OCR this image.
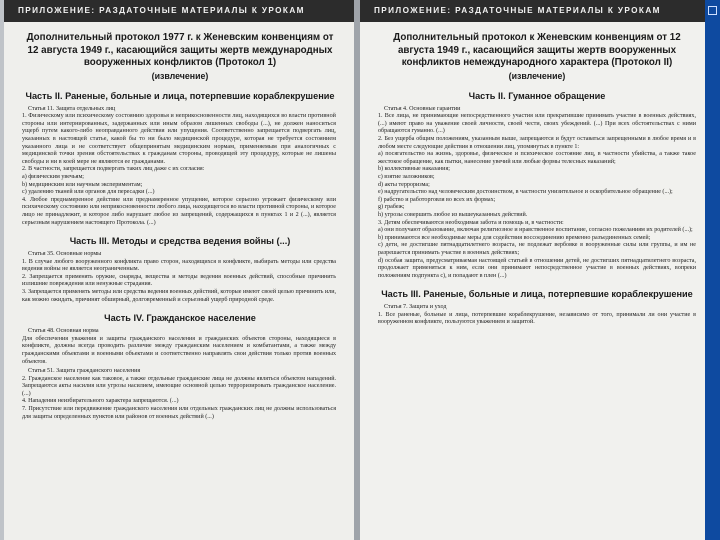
ПРИЛОЖЕНИЕ: РАЗДАТОЧНЫЕ МАТЕРИАЛЫ К УРОКАМ

Дополнительный протокол 1977 г. к Женевским конвенциям от 12 августа 1949 г., касающийся защиты жертв международных вооруженных конфликтов (Протокол 1)

(извлечение)

Часть II. Раненые, больные и лица, потерпевшие кораблекрушение

Статья 11. Защита отдельных лиц

1. Физическому или психическому состоянию здоровья и неприкосновенности лиц, находящихся во власти противной стороны или интернированных, задержанных или иным образом лишенных свободы (...), не должен наноситься ущерб путем какого-либо неоправданного действия или упущения. Соответственно запрещается подвергать лиц, указанных в настоящей статье, какой бы то ни было медицинской процедуре, которая не требуется состоянием указанного лица и не соответствует общепринятым медицинским нормам, применяемым при аналогичных с медицинской точки зрения обстоятельствах к гражданам стороны, проводящей эту процедуру, которые не лишены свободы и ни в коей мере не являются ее гражданами.

2. В частности, запрещается подвергать таких лиц даже с их согласия:

а) физическим увечьям;

b) медицинским или научным экспериментам;

c) удалению тканей или органов для пересадки (...)

4. Любое преднамеренное действие или преднамеренное упущение, которое серьезно угрожает физическому или психическому состоянию или неприкосновенности любого лица, находящегося во власти противной стороны, и которое лицо не принадлежит, и которое либо нарушает любое из запрещений, содержащихся в пунктах 1 и 2 (...), является серьезным нарушением настоящего Протокола. (...)

Часть III. Методы и средства ведения войны (...)

Статья 35. Основные нормы

1. В случае любого вооруженного конфликта право сторон, находящихся в конфликте, выбирать методы или средства ведения войны не является неограниченным.

2. Запрещается применять оружие, снаряды, вещества и методы ведения военных действий, способные причинить излишние повреждения или ненужные страдания.

3. Запрещается применять методы или средства ведения военных действий, которые имеют своей целью причинить или, как можно ожидать, причинят обширный, долговременный и серьезный ущерб природной среде.

Часть IV. Гражданское население

Статья 48. Основная норма

Для обеспечения уважения и защиты гражданского населения и гражданских объектов стороны, находящиеся в конфликте, должны всегда проводить различие между гражданским населением и комбатантами, а также между гражданскими объектами и военными объектами и соответственно направлять свои действия только против военных объектов.

Статья 51. Защита гражданского населения

2. Гражданское население как таковое, а также отдельные гражданские лица не должны являться объектом нападений. Запрещаются акты насилия или угрозы насилием, имеющие основной целью терроризировать гражданское население. (...)

4. Нападения неизбирательного характера запрещаются. (...)

7. Присутствие или передвижение гражданского населения или отдельных гражданских лиц не должны использоваться для защиты определенных пунктов или районов от военных действий (...)

ПРИЛОЖЕНИЕ: РАЗДАТОЧНЫЕ МАТЕРИАЛЫ К УРОКАМ

Дополнительный протокол к Женевским конвенциям от 12 августа 1949 г., касающийся защиты жертв вооруженных конфликтов немеждународного характера (Протокол II)

(извлечение)

Часть II. Гуманное обращение

Статья 4. Основные гарантии

1. Все лица, не принимающие непосредственного участия или прекратившие принимать участие в военных действиях, (...) имеют право на уважение своей личности, своей чести, своих убеждений. (...) При всех обстоятельствах с ними обращаются гуманно. (...)

2. Без ущерба общим положениям, указанным выше, запрещаются и будут оставаться запрещенными в любое время и в любом месте следующие действия в отношении лиц, упомянутых в пункте 1:

а) посягательство на жизнь, здоровье, физическое и психическое состояние лиц, в частности убийства, а также такое жестокое обращение, как пытки, нанесение увечий или любые формы телесных наказаний;

b) коллективные наказания;

c) взятие заложников;

d) акты терроризма;

e) надругательство над человеческим достоинством, в частности унизительное и оскорбительное обращение (...);

f) рабство и работорговля во всех их формах;

g) грабеж;

h) угрозы совершить любое из вышеуказанных действий.

3. Детям обеспечиваются необходимая забота и помощь и, в частности:

а) они получают образование, включая религиозное и нравственное воспитание, согласно пожеланиям их родителей (...);

b) принимаются все необходимые меры для содействия воссоединению временно разъединенных семей;

c) дети, не достигшие пятнадцатилетнего возраста, не подлежат вербовке в вооруженные силы или группы, и им не разрешается принимать участие в военных действиях;

d) особая защита, предусматриваемая настоящей статьей в отношении детей, не достигших пятнадцатилетнего возраста, продолжает применяться к ним, если они принимают непосредственное участие в военных действиях, вопреки положениям подпункта c), и попадают в плен (...)

Часть III. Раненые, больные и лица, потерпевшие кораблекрушение

Статья 7. Защита и уход

1. Все раненые, больные и лица, потерпевшие кораблекрушение, независимо от того, принимали ли они участие в вооруженном конфликте, пользуются уважением и защитой.
